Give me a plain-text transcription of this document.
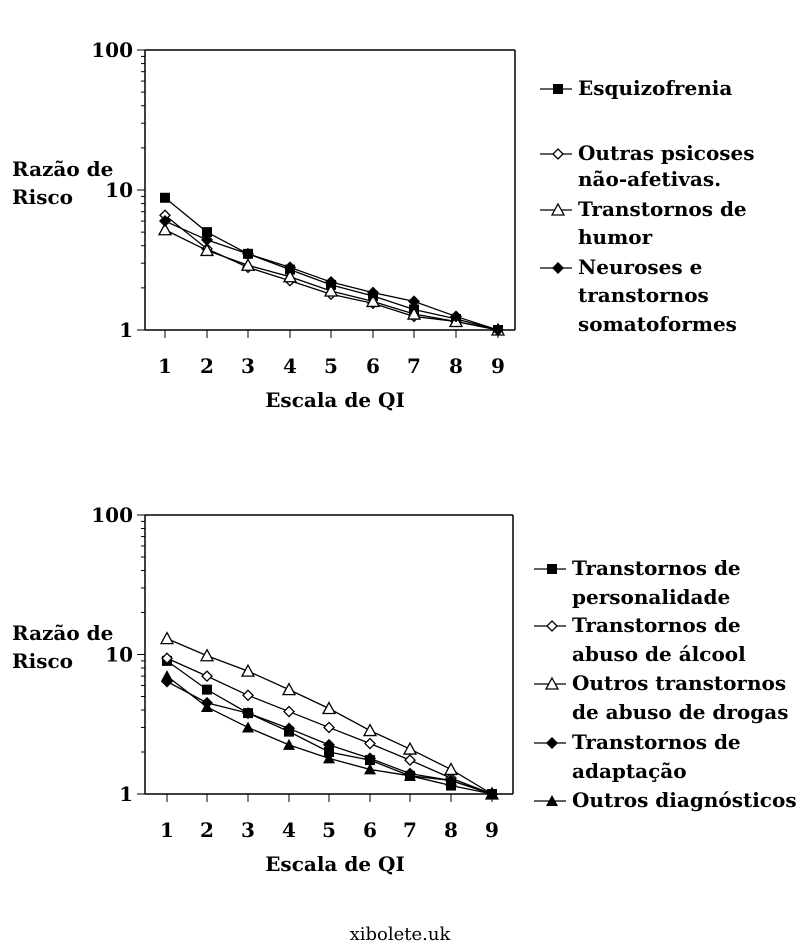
1
10
100
1 2 3 4 5 6 7 8 9
Razão de
Risco
Escala de QI
Esquizofrenia
Outras psicoses
não-afetivas.
Transtornos de
humor
Neuroses e
transtornos
somatoformes
1
10
100
1 2 3 4 5 6 7 8 9
Razão de
Risco
Escala de QI
Transtornos de
personalidade
Transtornos de
abuso de álcool
Outros transtornos
de abuso de drogas
Transtornos de
adaptação
Outros diagnósticos
xibolete.uk
